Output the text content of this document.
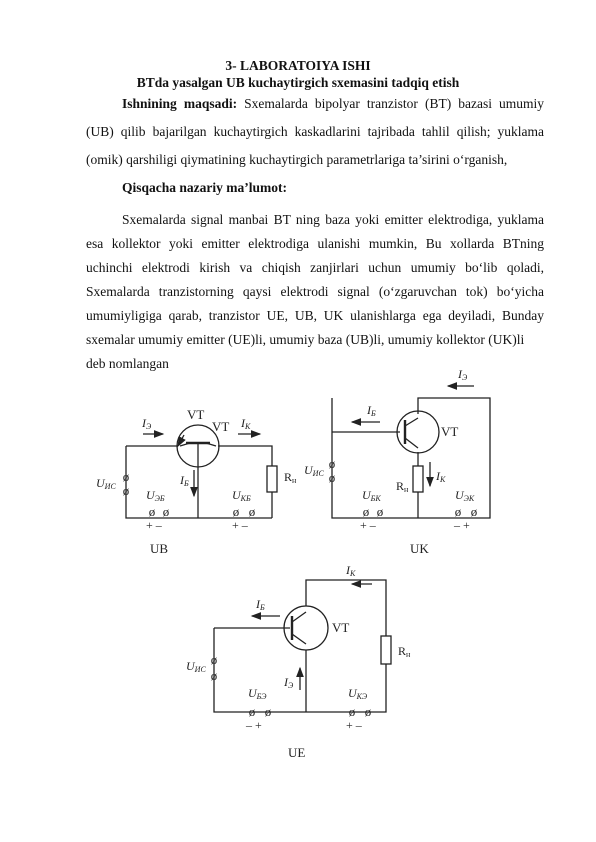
3- LABORATOIYA ISHI
BTda yasalgan UB kuchaytirgich sxemasini tadqiq etish
Ishnining maqsadi: Sxemalarda bipolyar tranzistor (BT) bazasi umumiy
(UB) qilib bajarilgan kuchaytirgich kaskadlarini tajribada tahlil qilish; yuklama
(omik) qarshiligi qiymatining kuchaytirgich parametrlariga ta’sirini o‘rganish,
Qisqacha nazariy ma’lumot:
Sxemalarda signal manbai BT ning baza yoki emitter elektrodiga, yuklama
esa kollektor yoki emitter elektrodiga ulanishi mumkin, Bu xollarda BTning
uchinchi elektrodi kirish va chiqish zanjirlari uchun umumiy bo‘lib qoladi,
Sxemalarda tranzistorning qaysi elektrodi signal (o‘zgaruvchan tok) bo‘yicha
umumiyligiga qarab, tranzistor UE, UB, UK ulanishlarga ega deyiladi, Bunday
sxemalar umumiy emitter (UE)li, umumiy baza (UB)li, umumiy kollektor (UK)li
deb nomlangan
ø
ø
ø ø	ø ø
ø
ø
ø ø	ø ø
ø
ø
ø ø	ø ø
VT
VT
IЭ	IК
IБ
UИС
UЭБ	UКБ
Rн
+ –	+ –
VT
IЭ
IБ
IК
UИС
UБК	UЭК
Rн
+ –	– +
VT
IК
IБ
IЭ
UИС
UБЭ	UКЭ
Rн
– +	+ –
UB	UK
UE
